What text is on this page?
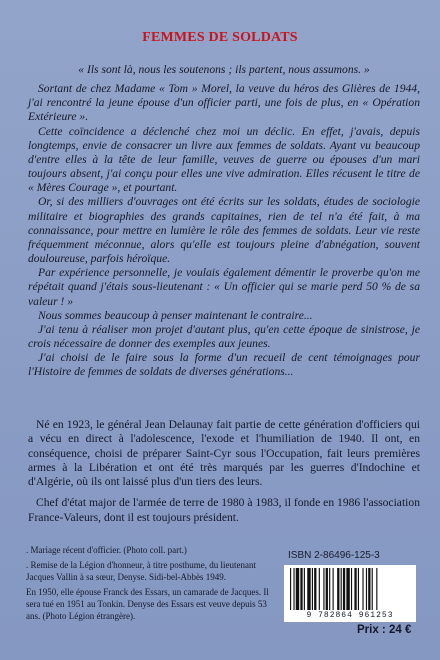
FEMMES DE SOLDATS

« Ils sont là, nous les soutenons ; ils partent, nous assumons. »

Sortant de chez Madame « Tom » Morel, la veuve du héros des Glières de 1944, j'ai rencontré la jeune épouse d'un officier parti, une fois de plus, en « Opération Extérieure ».

Cette coïncidence a déclenché chez moi un déclic. En effet, j'avais, depuis longtemps, envie de consacrer un livre aux femmes de soldats. Ayant vu beaucoup d'entre elles à la tête de leur famille, veuves de guerre ou épouses d'un mari toujours absent, j'ai conçu pour elles une vive admiration. Elles récusent le titre de « Mères Courage », et pourtant.

Or, si des milliers d'ouvrages ont été écrits sur les soldats, études de sociologie militaire et biographies des grands capitaines, rien de tel n'a été fait, à ma connaissance, pour mettre en lumière le rôle des femmes de soldats. Leur vie reste fréquemment méconnue, alors qu'elle est toujours pleine d'abnégation, souvent douloureuse, parfois héroïque.

Par expérience personnelle, je voulais également démentir le proverbe qu'on me répétait quand j'étais sous-lieutenant : « Un officier qui se marie perd 50 % de sa valeur ! »

Nous sommes beaucoup à penser maintenant le contraire...

J'ai tenu à réaliser mon projet d'autant plus, qu'en cette époque de sinistrose, je crois nécessaire de donner des exemples aux jeunes.

J'ai choisi de le faire sous la forme d'un recueil de cent témoignages pour l'Histoire de femmes de soldats de diverses générations...

Né en 1923, le général Jean Delaunay fait partie de cette génération d'officiers qui a vécu en direct à l'adolescence, l'exode et l'humiliation de 1940. Il ont, en conséquence, choisi de préparer Saint-Cyr sous l'Occupation, fait leurs premières armes à la Libération et ont été très marqués par les guerres d'Indochine et d'Algérie, où ils ont laissé plus d'un tiers des leurs.

Chef d'état major de l'armée de terre de 1980 à 1983, il fonde en 1986 l'association France-Valeurs, dont il est toujours président.

. Mariage récent d'officier. (Photo coll. part.)

. Remise de la Légion d'honneur, à titre posthume, du lieutenant Jacques Vallin à sa sœur, Denyse. Sidi-bel-Abbès 1949.

En 1950, elle épouse Franck des Essars, un camarade de Jacques. Il sera tué en 1951 au Tonkin. Denyse des Essars est veuve depuis 53 ans. (Photo Légion étrangère).

ISBN 2-86496-125-3
9 782864 961253
Prix : 24 €
